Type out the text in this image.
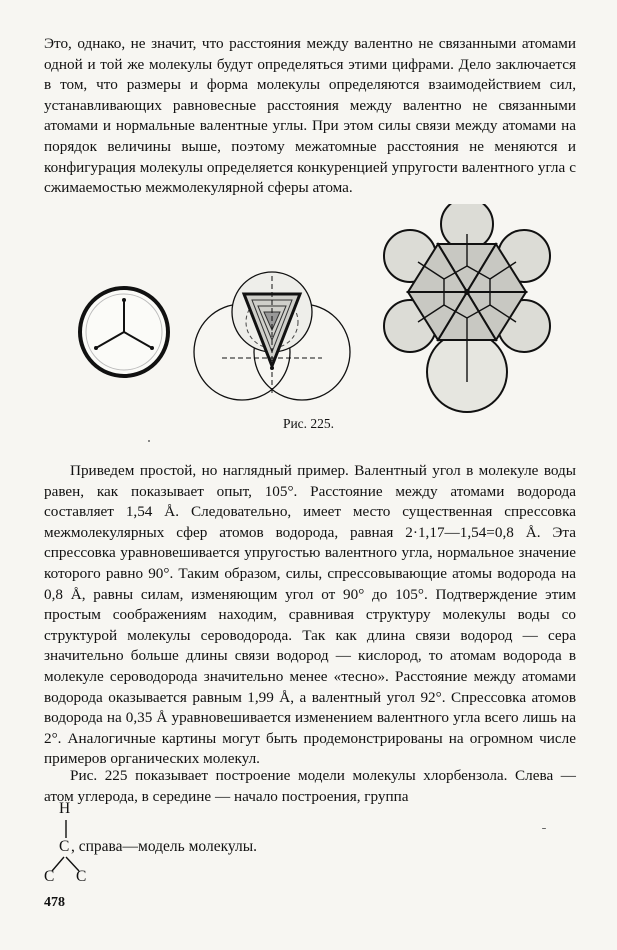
Это, однако, не значит, что расстояния между валентно не связанными атомами одной и той же молекулы будут определяться этими цифрами. Дело заключается в том, что размеры и форма молекулы определяются взаимодействием сил, устанавливающих равновесные расстояния между валентно не связанными атомами и нормальные валентные углы. При этом силы связи между атомами на порядок величины выше, поэтому межатомные расстояния не меняются и конфигурация молекулы определяется конкуренцией упругости валентного угла с сжимаемостью межмолекулярной сферы атома.

Рис. 225.

Приведем простой, но наглядный пример. Валентный угол в молекуле воды равен, как показывает опыт, 105°. Расстояние между атомами водорода составляет 1,54 Å. Следовательно, имеет место существенная спрессовка межмолекулярных сфер атомов водорода, равная 2·1,17—1,54=0,8 Å. Эта спрессовка уравновешивается упругостью валентного угла, нормальное значение которого равно 90°. Таким образом, силы, спрессовывающие атомы водорода на 0,8 Å, равны силам, изменяющим угол от 90° до 105°. Подтверждение этим простым соображениям находим, сравнивая структуру молекулы воды со структурой молекулы сероводорода. Так как длина связи водород — сера значительно больше длины связи водород — кислород, то атомам водорода в молекуле сероводорода значительно менее «тесно». Расстояние между атомами водорода оказывается равным 1,99 Å, а валентный угол 92°. Спрессовка атомов водорода на 0,35 Å уравновешивается изменением валентного угла всего лишь на 2°. Аналогичные картины могут быть продемонстрированы на огромном числе примеров органических молекул.

Рис. 225 показывает построение модели молекулы хлорбензола. Слева — атом углерода, в середине — начало построения, группа

H
C , справа—модель молекулы.
C C
478
